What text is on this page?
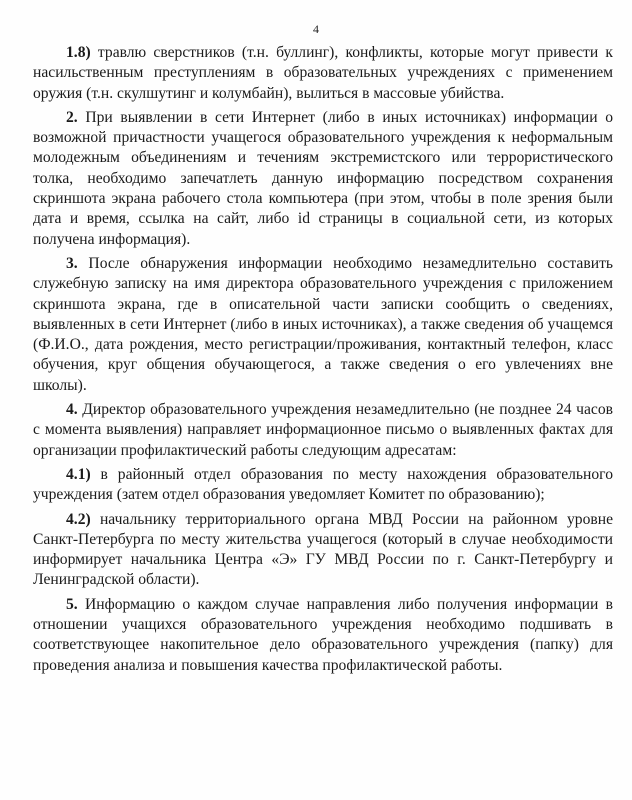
4

1.8) травлю сверстников (т.н. буллинг), конфликты, которые могут привести к насильственным преступлениям в образовательных учреждениях с применением оружия (т.н. скулшутинг и колумбайн), вылиться в массовые убийства.

2. При выявлении в сети Интернет (либо в иных источниках) информации о возможной причастности учащегося образовательного учреждения к неформальным молодежным объединениям и течениям экстремистского или террористического толка, необходимо запечатлеть данную информацию посредством сохранения скриншота экрана рабочего стола компьютера (при этом, чтобы в поле зрения были дата и время, ссылка на сайт, либо id страницы в социальной сети, из которых получена информация).

3. После обнаружения информации необходимо незамедлительно составить служебную записку на имя директора образовательного учреждения с приложением скриншота экрана, где в описательной части записки сообщить о сведениях, выявленных в сети Интернет (либо в иных источниках), а также сведения об учащемся (Ф.И.О., дата рождения, место регистрации/проживания, контактный телефон, класс обучения, круг общения обучающегося, а также сведения о его увлечениях вне школы).

4. Директор образовательного учреждения незамедлительно (не позднее 24 часов с момента выявления) направляет информационное письмо о выявленных фактах для организации профилактический работы следующим адресатам:

4.1) в районный отдел образования по месту нахождения образовательного учреждения (затем отдел образования уведомляет Комитет по образованию);

4.2) начальнику территориального органа МВД России на районном уровне Санкт-Петербурга по месту жительства учащегося (который в случае необходимости информирует начальника Центра «Э» ГУ МВД России по г. Санкт-Петербургу и Ленинградской области).

5. Информацию о каждом случае направления либо получения информации в отношении учащихся образовательного учреждения необходимо подшивать в соответствующее накопительное дело образовательного учреждения (папку) для проведения анализа и повышения качества профилактической работы.
